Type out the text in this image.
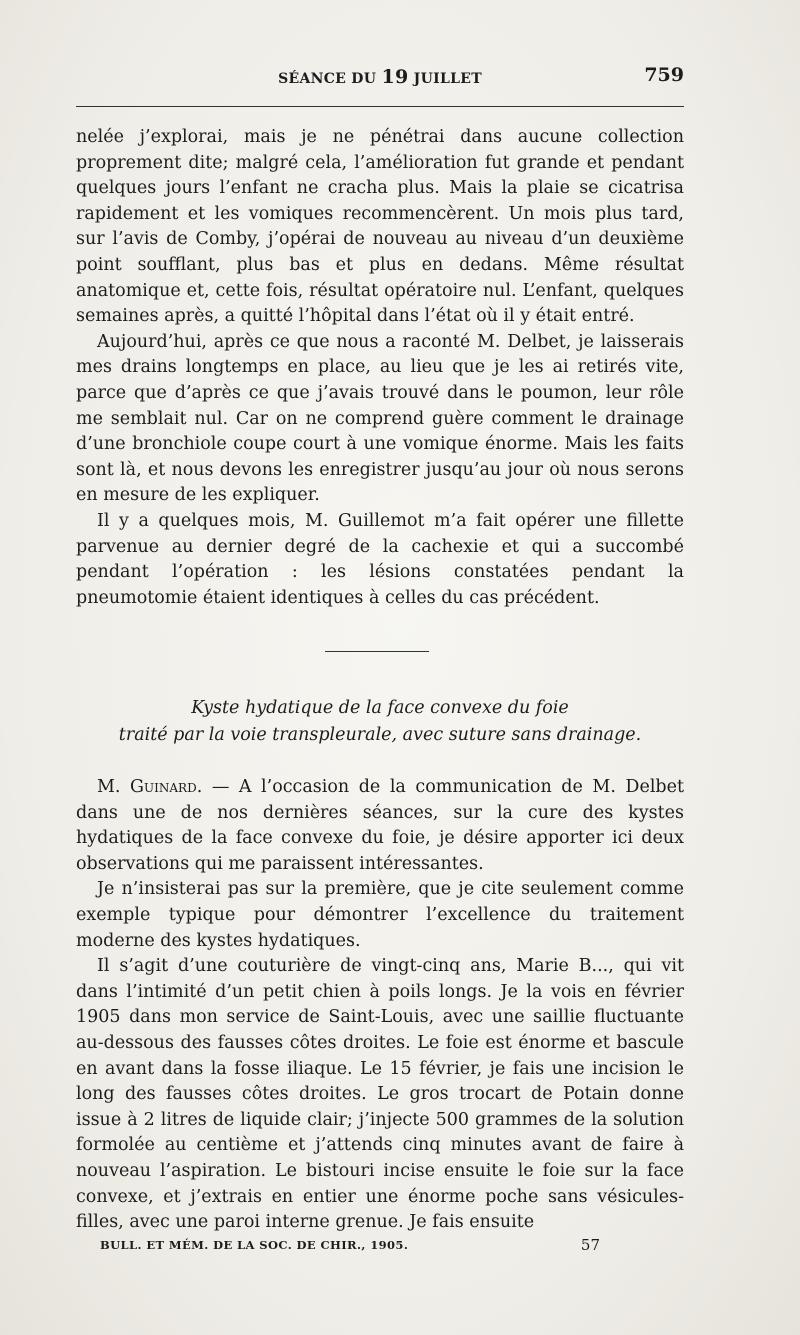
SÉANCE DU 19 JUILLET	759

nelée j’explorai, mais je ne pénétrai dans aucune collection proprement dite; malgré cela, l’amélioration fut grande et pendant quelques jours l’enfant ne cracha plus. Mais la plaie se cicatrisa rapidement et les vomiques recommencèrent. Un mois plus tard, sur l’avis de Comby, j’opérai de nouveau au niveau d’un deuxième point soufflant, plus bas et plus en dedans. Même résultat anatomique et, cette fois, résultat opératoire nul. L’enfant, quelques semaines après, a quitté l’hôpital dans l’état où il y était entré.

Aujourd’hui, après ce que nous a raconté M. Delbet, je laisserais mes drains longtemps en place, au lieu que je les ai retirés vite, parce que d’après ce que j’avais trouvé dans le poumon, leur rôle me semblait nul. Car on ne comprend guère comment le drainage d’une bronchiole coupe court à une vomique énorme. Mais les faits sont là, et nous devons les enregistrer jusqu’au jour où nous serons en mesure de les expliquer.

Il y a quelques mois, M. Guillemot m’a fait opérer une fillette parvenue au dernier degré de la cachexie et qui a succombé pendant l’opération : les lésions constatées pendant la pneumotomie étaient identiques à celles du cas précédent.

Kyste hydatique de la face convexe du foie
traité par la voie transpleurale, avec suture sans drainage.

M. Guinard. — A l’occasion de la communication de M. Delbet dans une de nos dernières séances, sur la cure des kystes hydatiques de la face convexe du foie, je désire apporter ici deux observations qui me paraissent intéressantes.

Je n’insisterai pas sur la première, que je cite seulement comme exemple typique pour démontrer l’excellence du traitement moderne des kystes hydatiques.

Il s’agit d’une couturière de vingt-cinq ans, Marie B..., qui vit dans l’intimité d’un petit chien à poils longs. Je la vois en février 1905 dans mon service de Saint-Louis, avec une saillie fluctuante au-dessous des fausses côtes droites. Le foie est énorme et bascule en avant dans la fosse iliaque. Le 15 février, je fais une incision le long des fausses côtes droites. Le gros trocart de Potain donne issue à 2 litres de liquide clair; j’injecte 500 grammes de la solution formolée au centième et j’attends cinq minutes avant de faire à nouveau l’aspiration. Le bistouri incise ensuite le foie sur la face convexe, et j’extrais en entier une énorme poche sans vésicules-filles, avec une paroi interne grenue. Je fais ensuite

BULL. ET MÉM. DE LA SOC. DE CHIR., 1905.	57
